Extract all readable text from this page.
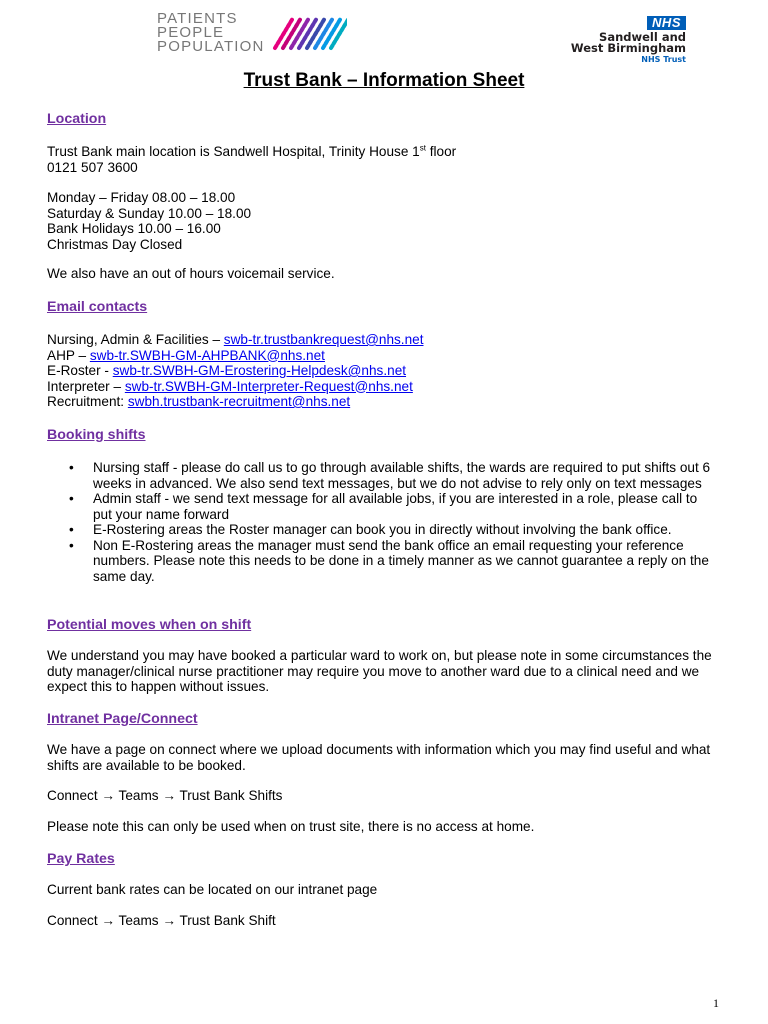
PATIENTS
PEOPLE
POPULATION
NHS
Sandwell and
West Birmingham
NHS Trust
Trust Bank – Information Sheet
Location
Trust Bank main location is Sandwell Hospital, Trinity House 1st floor
0121 507 3600
Monday – Friday 08.00 – 18.00
Saturday & Sunday 10.00 – 18.00
Bank Holidays 10.00 – 16.00
Christmas Day Closed
We also have an out of hours voicemail service.
Email contacts
Nursing, Admin & Facilities – swb-tr.trustbankrequest@nhs.net
AHP – swb-tr.SWBH-GM-AHPBANK@nhs.net
E-Roster - swb-tr.SWBH-GM-Erostering-Helpdesk@nhs.net
Interpreter – swb-tr.SWBH-GM-Interpreter-Request@nhs.net
Recruitment: swbh.trustbank-recruitment@nhs.net
Booking shifts
• Nursing staff - please do call us to go through available shifts, the wards are required to put shifts out 6 weeks in advanced. We also send text messages, but we do not advise to rely only on text messages
• Admin staff - we send text message for all available jobs, if you are interested in a role, please call to put your name forward
• E-Rostering areas the Roster manager can book you in directly without involving the bank office.
• Non E-Rostering areas the manager must send the bank office an email requesting your reference numbers. Please note this needs to be done in a timely manner as we cannot guarantee a reply on the same day.
Potential moves when on shift
We understand you may have booked a particular ward to work on, but please note in some circumstances the duty manager/clinical nurse practitioner may require you move to another ward due to a clinical need and we expect this to happen without issues.
Intranet Page/Connect
We have a page on connect where we upload documents with information which you may find useful and what shifts are available to be booked.
Connect → Teams → Trust Bank Shifts
Please note this can only be used when on trust site, there is no access at home.
Pay Rates
Current bank rates can be located on our intranet page
Connect → Teams → Trust Bank Shift
1
